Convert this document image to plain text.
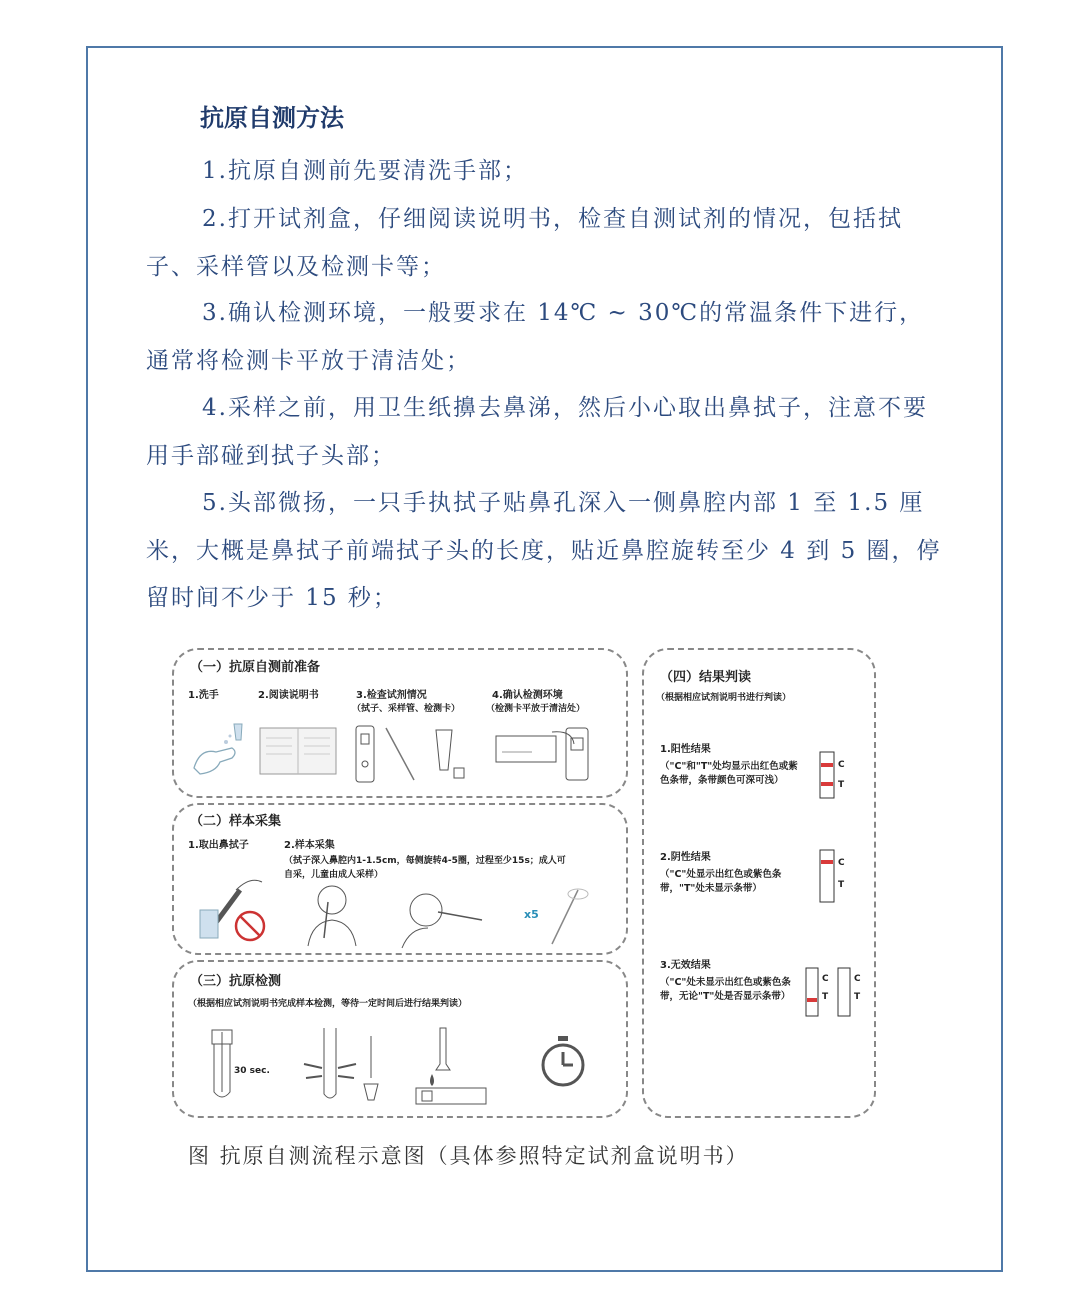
抗原自测方法

1.抗原自测前先要清洗手部；

2.打开试剂盒，仔细阅读说明书，检查自测试剂的情况，包括拭子、采样管以及检测卡等；

3.确认检测环境，一般要求在 14℃ ~ 30℃的常温条件下进行，通常将检测卡平放于清洁处；

4.采样之前，用卫生纸擤去鼻涕，然后小心取出鼻拭子，注意不要用手部碰到拭子头部；

5.头部微扬，一只手执拭子贴鼻孔深入一侧鼻腔内部 1 至 1.5 厘米，大概是鼻拭子前端拭子头的长度，贴近鼻腔旋转至少 4 到 5 圈，停留时间不少于 15 秒；

（一）抗原自测前准备
1.洗手	2.阅读说明书	3.检查试剂情况
（拭子、采样管、检测卡）
4.确认检测环境
（检测卡平放于清洁处）
（二）样本采集
1.取出鼻拭子	2.样本采集
（拭子深入鼻腔内1-1.5cm，每侧旋转4-5圈，过程至少15s；成人可
自采，儿童由成人采样）
x5
（三）抗原检测
（根据相应试剂说明书完成样本检测，等待一定时间后进行结果判读）
30 sec.
（四）结果判读
（根据相应试剂说明书进行判读）
1.阳性结果
（"C"和"T"处均显示出红色或紫色条带，条带颜色可深可浅）
C
T
2.阴性结果
（"C"处显示出红色或紫色条带，"T"处未显示条带）
C
T
3.无效结果
（"C"处未显示出红色或紫色条带，无论"T"处是否显示条带）
C
T
C
T
图 抗原自测流程示意图（具体参照特定试剂盒说明书）
